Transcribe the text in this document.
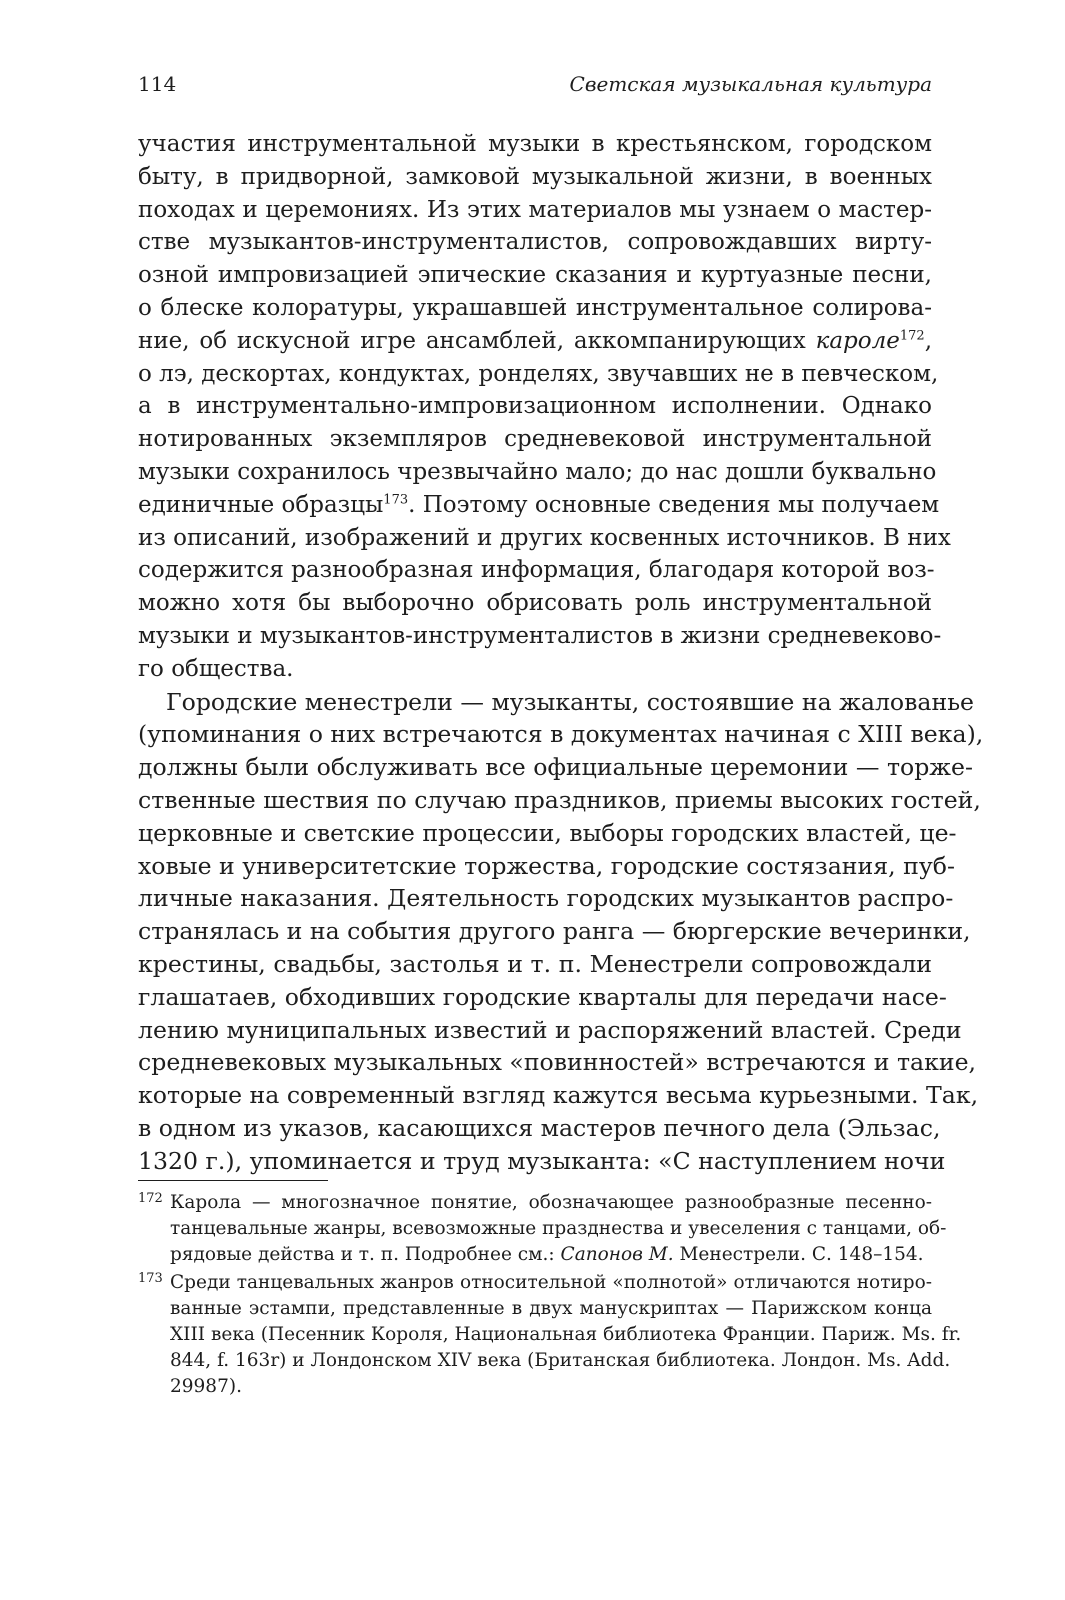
114	Светская музыкальная культура

участия инструментальной музыки в крестьянском, городском
быту, в придворной, замковой музыкальной жизни, в военных
походах и церемониях. Из этих материалов мы узнаем о мастер-
стве музыкантов-инструменталистов, сопровождавших вирту-
озной импровизацией эпические сказания и куртуазные песни,
о блеске колоратуры, украшавшей инструментальное солирова-
ние, об искусной игре ансамблей, аккомпанирующих кароле$^{172}$,
о лэ, дескортах, кондуктах, ронделях, звучавших не в певческом,
а в инструментально-импровизационном исполнении. Однако
нотированных экземпляров средневековой инструментальной
музыки сохранилось чрезвычайно мало; до нас дошли буквально
единичные образцы$^{173}$. Поэтому основные сведения мы получаем
из описаний, изображений и других косвенных источников. В них
содержится разнообразная информация, благодаря которой воз-
можно хотя бы выборочно обрисовать роль инструментальной
музыки и музыкантов-инструменталистов в жизни средневеково-
го общества.

Городские менестрели — музыканты, состоявшие на жалованье
(упоминания о них встречаются в документах начиная с XIII века),
должны были обслуживать все официальные церемонии — торже-
ственные шествия по случаю праздников, приемы высоких гостей,
церковные и светские процессии, выборы городских властей, це-
ховые и университетские торжества, городские состязания, пуб-
личные наказания. Деятельность городских музыкантов распро-
странялась и на события другого ранга — бюргерские вечеринки,
крестины, свадьбы, застолья и т. п. Менестрели сопровождали
глашатаев, обходивших городские кварталы для передачи насе-
лению муниципальных известий и распоряжений властей. Среди
средневековых музыкальных «повинностей» встречаются и такие,
которые на современный взгляд кажутся весьма курьезными. Так,
в одном из указов, касающихся мастеров печного дела (Эльзас,
1320 г.), упоминается и труд музыканта: «С наступлением ночи

172 Карола — многозначное понятие, обозначающее разнообразные песенно-
танцевальные жанры, всевозможные празднества и увеселения с танцами, об-
рядовые действа и т. п. Подробнее см.: Сапонов М. Менестрели. С. 148–154.
173 Среди танцевальных жанров относительной «полнотой» отличаются нотиро-
ванные эстампи, представленные в двух манускриптах — Парижском конца
XIII века (Песенник Короля, Национальная библиотека Франции. Париж. Ms. fr.
844, f. 163r) и Лондонском XIV века (Британская библиотека. Лондон. Ms. Add.
29987).
